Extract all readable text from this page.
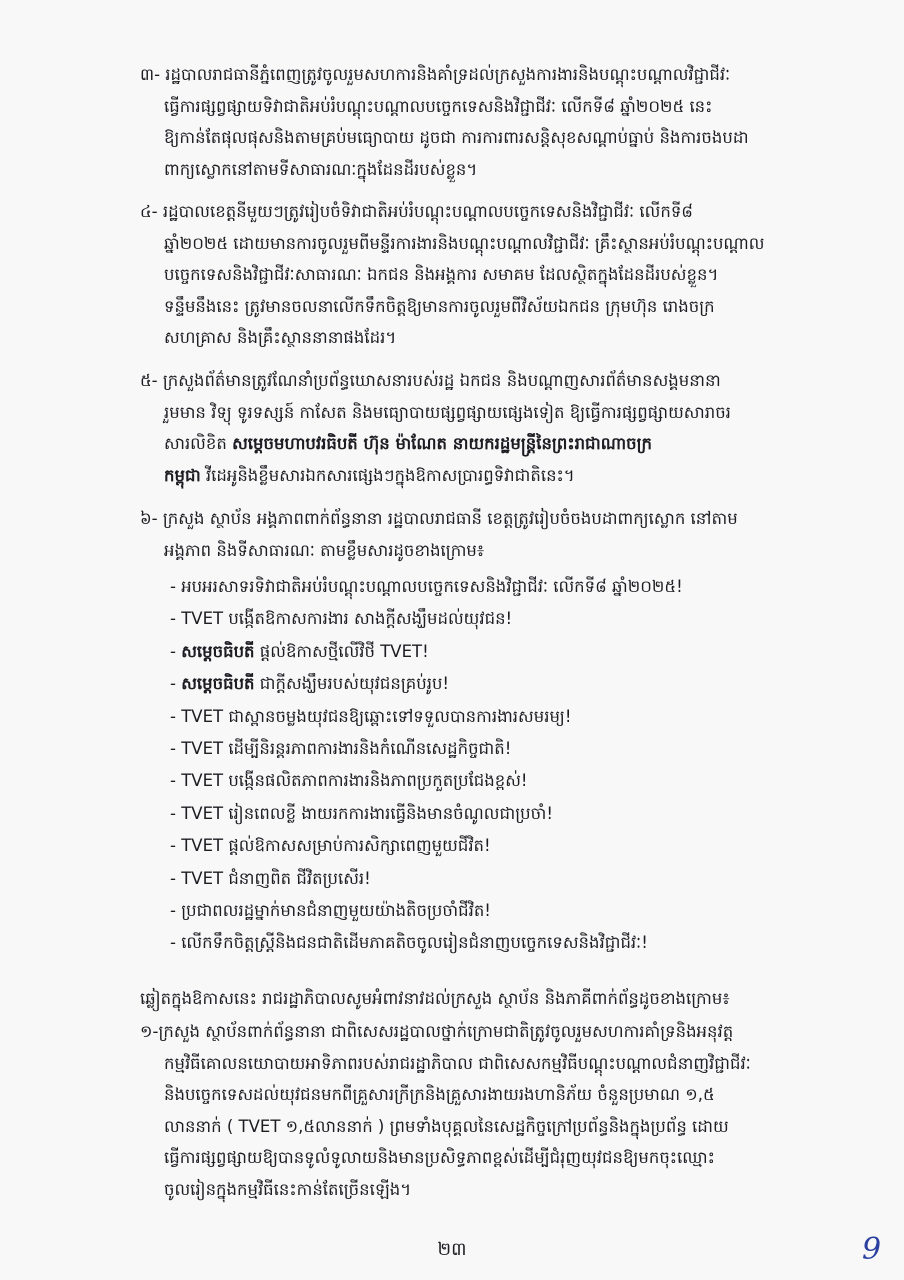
៣- រដ្ឋបាលរាជធានីភ្នំពេញត្រូវចូលរួមសហការនិងគាំទ្រដល់ក្រសួងការងារនិងបណ្តុះបណ្តាលវិជ្ជាជីវៈ
ធ្វើការផ្សព្វផ្សាយទិវាជាតិអប់រំបណ្តុះបណ្តាលបច្ចេកទេសនិងវិជ្ជាជីវៈ លើកទី៨ ឆ្នាំ២០២៥ នេះ
ឱ្យកាន់តែផុលផុសនិងតាមគ្រប់មធ្យោបាយ ដូចជា ការការពារសន្តិសុខសណ្តាប់ធ្នាប់ និងការចងបដា
ពាក្យស្លោកនៅតាមទីសាធារណៈក្នុងដែនដីរបស់ខ្លួន។
៤- រដ្ឋបាលខេត្តនីមួយៗត្រូវរៀបចំទិវាជាតិអប់រំបណ្តុះបណ្តាលបច្ចេកទេសនិងវិជ្ជាជីវៈ លើកទី៨
ឆ្នាំ២០២៥ ដោយមានការចូលរួមពីមន្ទីរការងារនិងបណ្តុះបណ្តាលវិជ្ជាជីវៈ គ្រឹះស្ថានអប់រំបណ្តុះបណ្តាល
បច្ចេកទេសនិងវិជ្ជាជីវៈសាធារណៈ ឯកជន និងអង្គការ សមាគម ដែលស្ថិតក្នុងដែនដីរបស់ខ្លួន។
ទន្ទឹមនឹងនេះ ត្រូវមានចលនាលើកទឹកចិត្តឱ្យមានការចូលរួមពីវិស័យឯកជន ក្រុមហ៊ុន រោងចក្រ
សហគ្រាស និងគ្រឹះស្ថាននានាផងដែរ។
៥- ក្រសួងព័ត៌មានត្រូវណែនាំប្រព័ន្ធឃោសនារបស់រដ្ឋ ឯកជន និងបណ្តាញសារព័ត៌មានសង្គមនានា
រួមមាន វិទ្យុ ទូរទស្សន៍ កាសែត និងមធ្យោបាយផ្សព្វផ្សាយផ្សេងទៀត ឱ្យធ្វើការផ្សព្វផ្សាយសារាចរ
សារលិខិត សម្តេចមហាបវរធិបតី ហ៊ុន ម៉ាណែត នាយករដ្ឋមន្ត្រីនៃព្រះរាជាណាចក្រ
កម្ពុជា វីដេអូនិងខ្លឹមសារឯកសារផ្សេងៗក្នុងឱកាសប្រារព្ធទិវាជាតិនេះ។
៦- ក្រសួង ស្ថាប័ន អង្គភាពពាក់ព័ន្ធនានា រដ្ឋបាលរាជធានី ខេត្តត្រូវរៀបចំចងបដាពាក្យស្លោក នៅតាម
អង្គភាព និងទីសាធារណៈ តាមខ្លឹមសារដូចខាងក្រោម៖
- អបអរសាទរទិវាជាតិអប់រំបណ្តុះបណ្តាលបច្ចេកទេសនិងវិជ្ជាជីវៈ លើកទី៨ ឆ្នាំ២០២៥!
- TVET បង្កើតឱកាសការងារ សាងក្តីសង្ឃឹមដល់យុវជន!
- សម្តេចធិបតី ផ្តល់ឱកាសថ្មីលើវិថី TVET!
- សម្តេចធិបតី ជាក្តីសង្ឃឹមរបស់យុវជនគ្រប់រូប!
- TVET ជាស្ពានចម្លងយុវជនឱ្យឆ្ពោះទៅទទួលបានការងារសមរម្យ!
- TVET ដើម្បីនិរន្តរភាពការងារនិងកំណើនសេដ្ឋកិច្ចជាតិ!
- TVET បង្កើនផលិតភាពការងារនិងភាពប្រកួតប្រជែងខ្ពស់!
- TVET រៀនពេលខ្លី ងាយរកការងារធ្វើនិងមានចំណូលជាប្រចាំ!
- TVET ផ្តល់ឱកាសសម្រាប់ការសិក្សាពេញមួយជីវិត!
- TVET ជំនាញពិត ជីវិតប្រសើរ!
- ប្រជាពលរដ្ឋម្នាក់មានជំនាញមួយយ៉ាងតិចប្រចាំជីវិត!
- លើកទឹកចិត្តស្ត្រីនិងជនជាតិដើមភាគតិចចូលរៀនជំនាញបច្ចេកទេសនិងវិជ្ជាជីវៈ!
ឆ្លៀតក្នុងឱកាសនេះ រាជរដ្ឋាភិបាលសូមអំពាវនាវដល់ក្រសួង ស្ថាប័ន និងភាគីពាក់ព័ន្ធដូចខាងក្រោម៖
១-ក្រសួង ស្ថាប័នពាក់ព័ន្ធនានា ជាពិសេសរដ្ឋបាលថ្នាក់ក្រោមជាតិត្រូវចូលរួមសហការគាំទ្រនិងអនុវត្ត
កម្មវិធីគោលនយោបាយអាទិភាពរបស់រាជរដ្ឋាភិបាល ជាពិសេសកម្មវិធីបណ្តុះបណ្តាលជំនាញវិជ្ជាជីវៈ
និងបច្ចេកទេសដល់យុវជនមកពីគ្រួសារក្រីក្រនិងគ្រួសារងាយរងហានិភ័យ ចំនួនប្រមាណ ១,៥
លាននាក់ ( TVET ១,៥លាននាក់ ) ព្រមទាំងបុគ្គលនៃសេដ្ឋកិច្ចក្រៅប្រព័ន្ធនិងក្នុងប្រព័ន្ធ ដោយ
ធ្វើការផ្សព្វផ្សាយឱ្យបានទូលំទូលាយនិងមានប្រសិទ្ធភាពខ្ពស់ដើម្បីជំរុញយុវជនឱ្យមកចុះឈ្មោះ
ចូលរៀនក្នុងកម្មវិធីនេះកាន់តែច្រើនឡើង។
២៣	9
